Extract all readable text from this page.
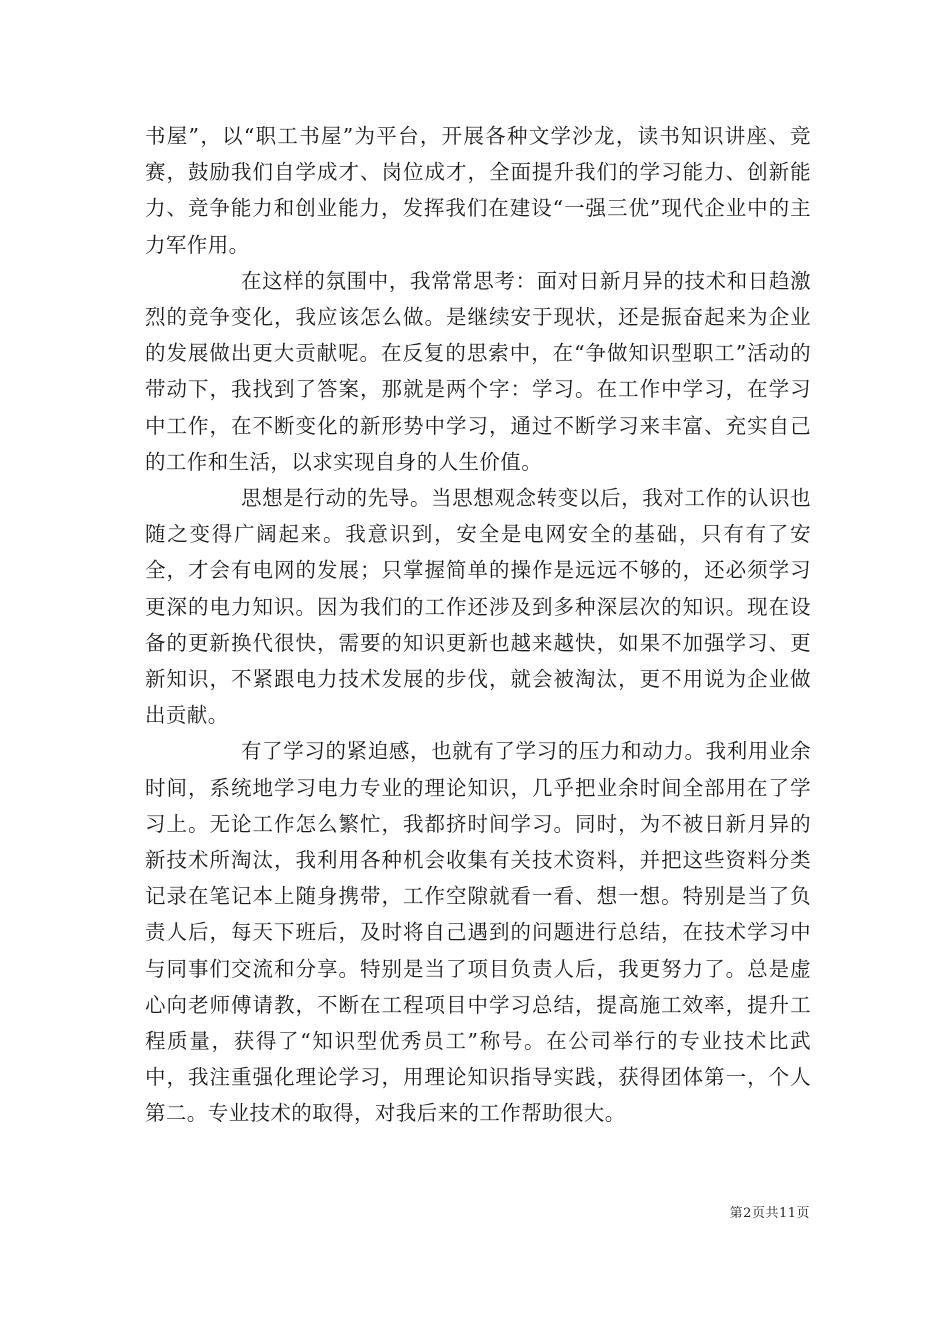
书屋”，以“职工书屋”为平台，开展各种文学沙龙，读书知识讲座、竞赛，鼓励我们自学成才、岗位成才，全面提升我们的学习能力、创新能力、竞争能力和创业能力，发挥我们在建设“一强三优”现代企业中的主力军作用。

在这样的氛围中，我常常思考：面对日新月异的技术和日趋激烈的竞争变化，我应该怎么做。是继续安于现状，还是振奋起来为企业的发展做出更大贡献呢。在反复的思索中，在“争做知识型职工”活动的带动下，我找到了答案，那就是两个字：学习。在工作中学习，在学习中工作，在不断变化的新形势中学习，通过不断学习来丰富、充实自己的工作和生活，以求实现自身的人生价值。

思想是行动的先导。当思想观念转变以后，我对工作的认识也随之变得广阔起来。我意识到，安全是电网安全的基础，只有有了安全，才会有电网的发展；只掌握简单的操作是远远不够的，还必须学习更深的电力知识。因为我们的工作还涉及到多种深层次的知识。现在设备的更新换代很快，需要的知识更新也越来越快，如果不加强学习、更新知识，不紧跟电力技术发展的步伐，就会被淘汰，更不用说为企业做出贡献。

有了学习的紧迫感，也就有了学习的压力和动力。我利用业余时间，系统地学习电力专业的理论知识，几乎把业余时间全部用在了学习上。无论工作怎么繁忙，我都挤时间学习。同时，为不被日新月异的新技术所淘汰，我利用各种机会收集有关技术资料，并把这些资料分类记录在笔记本上随身携带，工作空隙就看一看、想一想。特别是当了负责人后，每天下班后，及时将自己遇到的问题进行总结，在技术学习中与同事们交流和分享。特别是当了项目负责人后，我更努力了。总是虚心向老师傅请教，不断在工程项目中学习总结，提高施工效率，提升工程质量，获得了“知识型优秀员工”称号。在公司举行的专业技术比武中，我注重强化理论学习，用理论知识指导实践，获得团体第一，个人第二。专业技术的取得，对我后来的工作帮助很大。

第2页共11页
